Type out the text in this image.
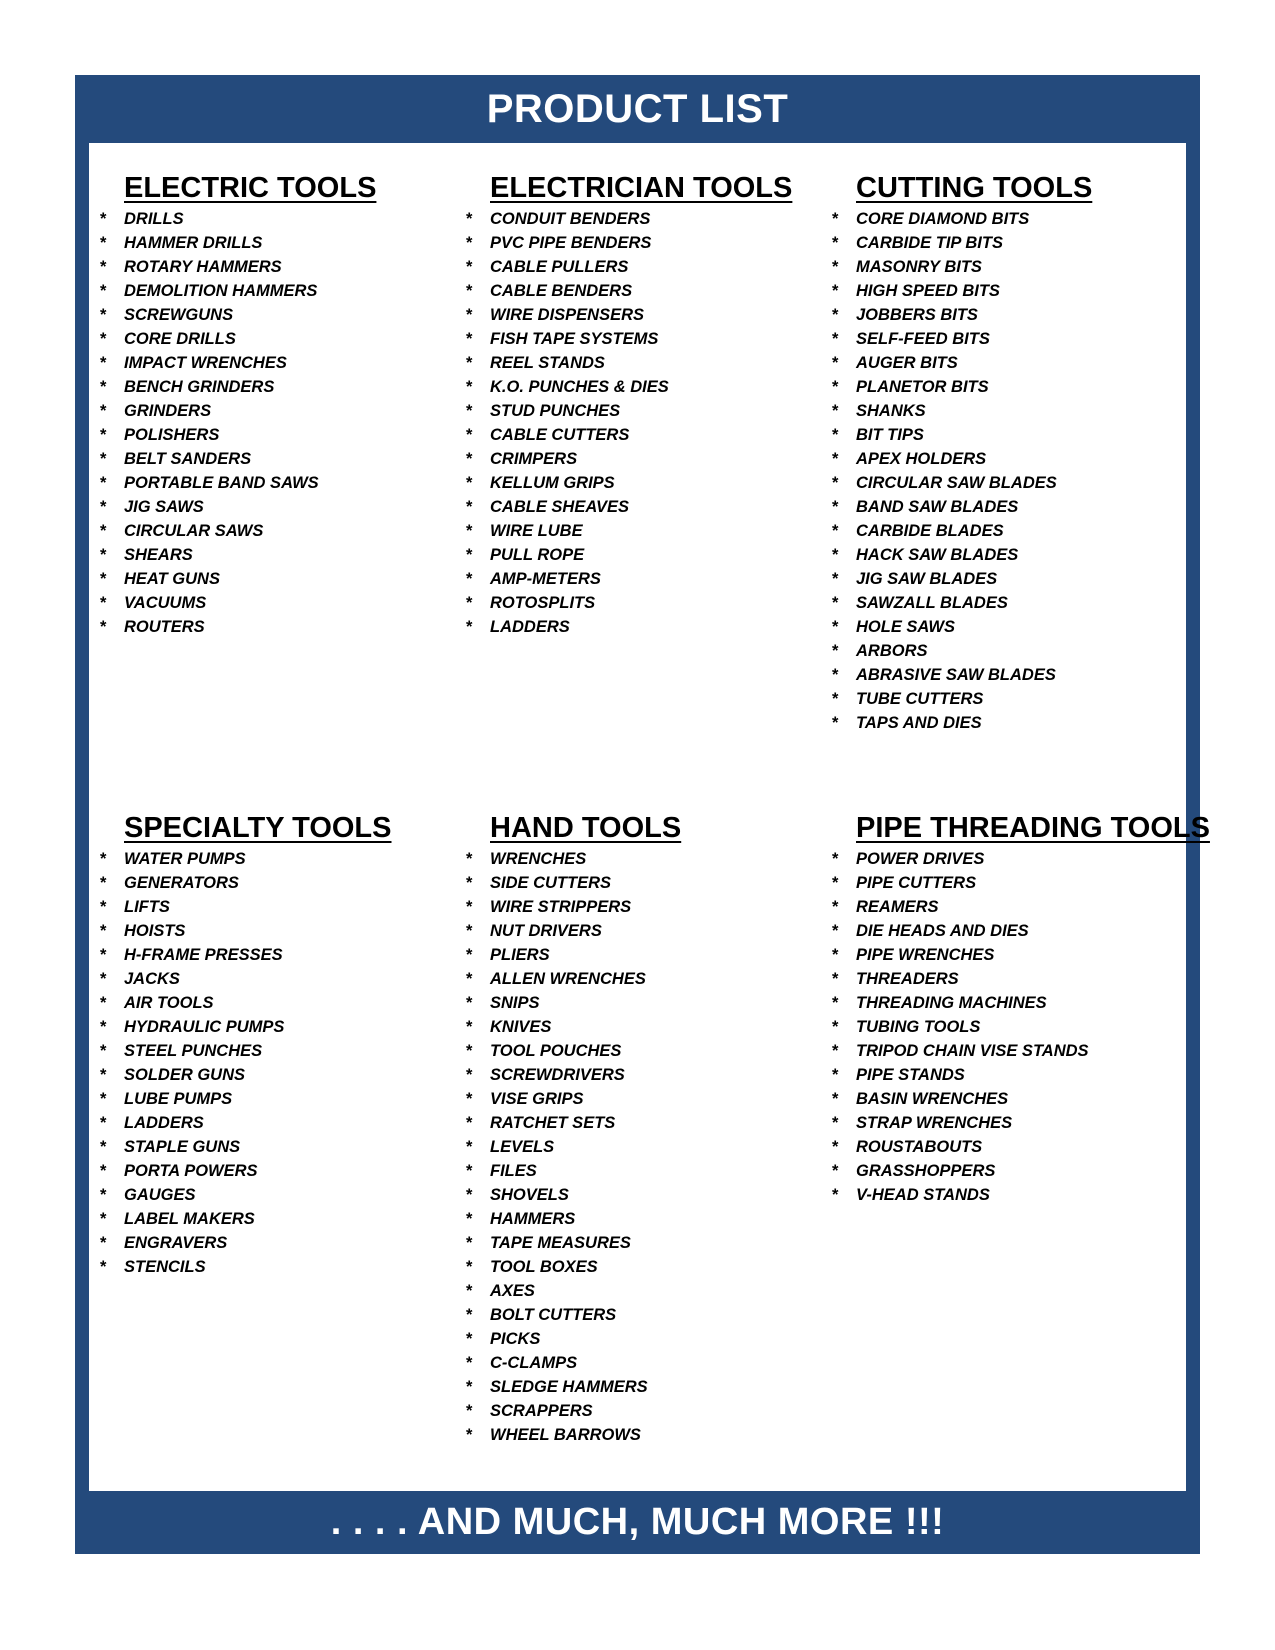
PRODUCT LIST
ELECTRIC TOOLS
* DRILLS
* HAMMER DRILLS
* ROTARY HAMMERS
* DEMOLITION HAMMERS
* SCREWGUNS
* CORE DRILLS
* IMPACT WRENCHES
* BENCH GRINDERS
* GRINDERS
* POLISHERS
* BELT SANDERS
* PORTABLE BAND SAWS
* JIG SAWS
* CIRCULAR SAWS
* SHEARS
* HEAT GUNS
* VACUUMS
* ROUTERS
ELECTRICIAN TOOLS
* CONDUIT BENDERS
* PVC PIPE BENDERS
* CABLE PULLERS
* CABLE BENDERS
* WIRE DISPENSERS
* FISH TAPE SYSTEMS
* REEL STANDS
* K.O. PUNCHES & DIES
* STUD PUNCHES
* CABLE CUTTERS
* CRIMPERS
* KELLUM GRIPS
* CABLE SHEAVES
* WIRE LUBE
* PULL ROPE
* AMP-METERS
* ROTOSPLITS
* LADDERS
CUTTING TOOLS
* CORE DIAMOND BITS
* CARBIDE TIP BITS
* MASONRY BITS
* HIGH SPEED BITS
* JOBBERS BITS
* SELF-FEED BITS
* AUGER BITS
* PLANETOR BITS
* SHANKS
* BIT TIPS
* APEX HOLDERS
* CIRCULAR SAW BLADES
* BAND SAW BLADES
* CARBIDE BLADES
* HACK SAW BLADES
* JIG SAW BLADES
* SAWZALL BLADES
* HOLE SAWS
* ARBORS
* ABRASIVE SAW BLADES
* TUBE CUTTERS
* TAPS AND DIES
SPECIALTY TOOLS
* WATER PUMPS
* GENERATORS
* LIFTS
* HOISTS
* H-FRAME PRESSES
* JACKS
* AIR TOOLS
* HYDRAULIC PUMPS
* STEEL PUNCHES
* SOLDER GUNS
* LUBE PUMPS
* LADDERS
* STAPLE GUNS
* PORTA POWERS
* GAUGES
* LABEL MAKERS
* ENGRAVERS
* STENCILS
HAND TOOLS
* WRENCHES
* SIDE CUTTERS
* WIRE STRIPPERS
* NUT DRIVERS
* PLIERS
* ALLEN WRENCHES
* SNIPS
* KNIVES
* TOOL POUCHES
* SCREWDRIVERS
* VISE GRIPS
* RATCHET SETS
* LEVELS
* FILES
* SHOVELS
* HAMMERS
* TAPE MEASURES
* TOOL BOXES
* AXES
* BOLT CUTTERS
* PICKS
* C-CLAMPS
* SLEDGE HAMMERS
* SCRAPPERS
* WHEEL BARROWS
PIPE THREADING TOOLS
* POWER DRIVES
* PIPE CUTTERS
* REAMERS
* DIE HEADS AND DIES
* PIPE WRENCHES
* THREADERS
* THREADING MACHINES
* TUBING TOOLS
* TRIPOD CHAIN VISE STANDS
* PIPE STANDS
* BASIN WRENCHES
* STRAP WRENCHES
* ROUSTABOUTS
* GRASSHOPPERS
* V-HEAD STANDS
. . . . AND MUCH, MUCH MORE !!!
